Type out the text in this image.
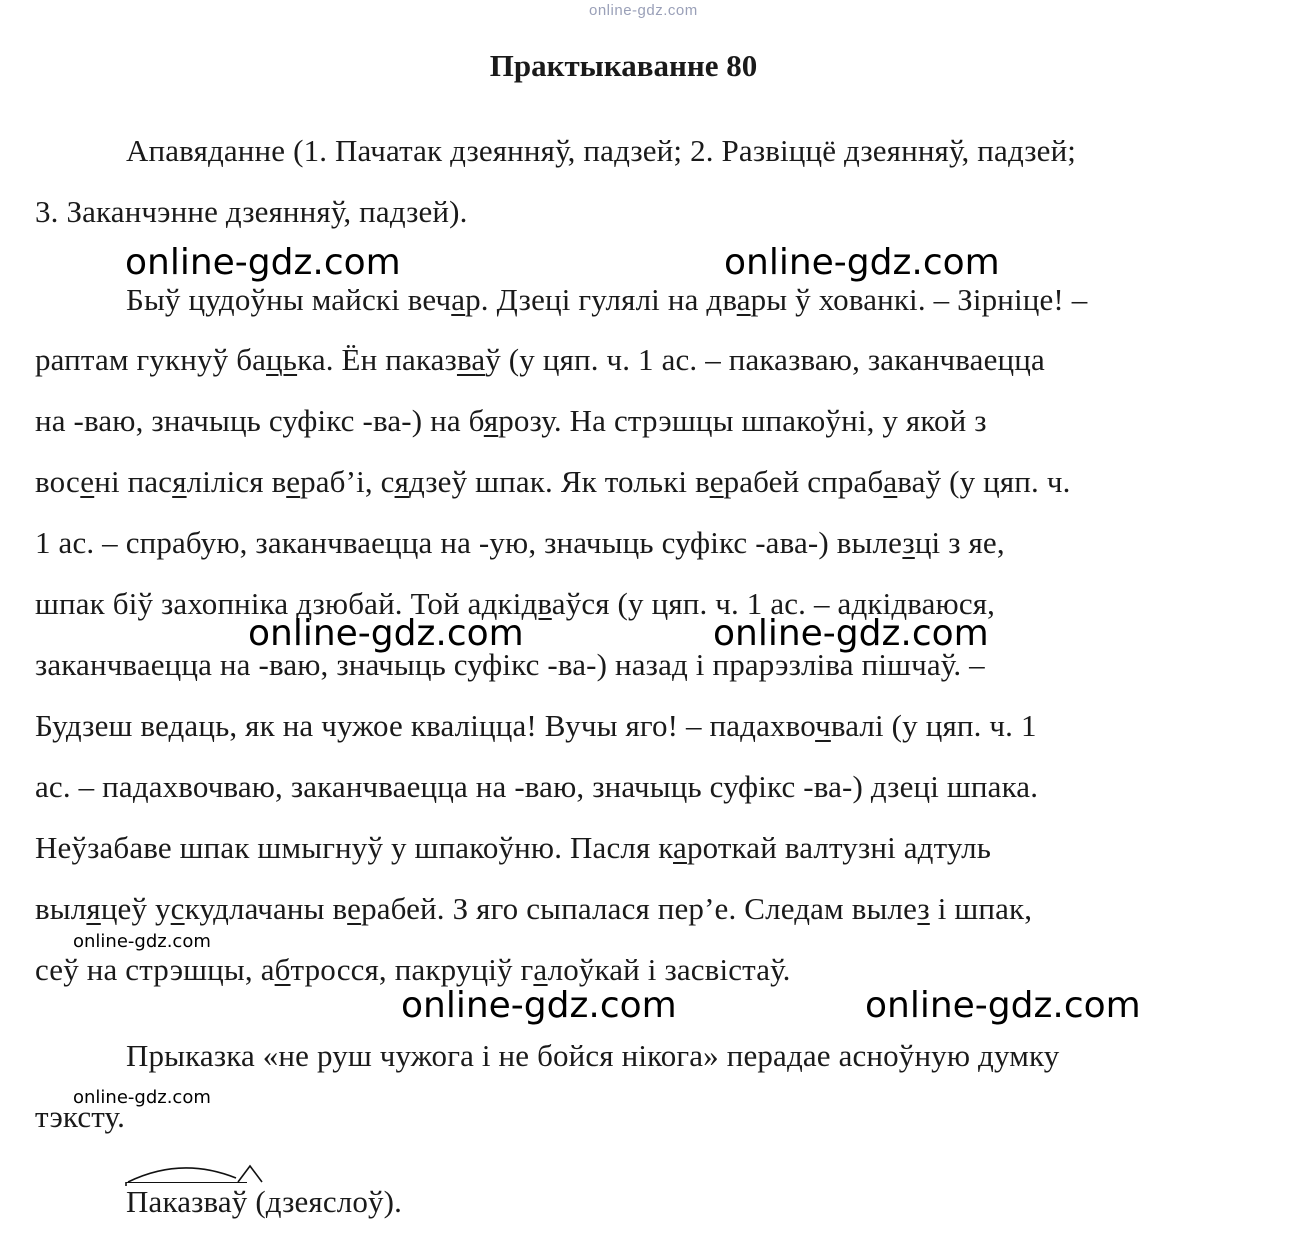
online-gdz.com
Практыкаванне 80
Апавяданне (1. Пачатак дзеянняў, падзей; 2. Развіццё дзеянняў, падзей;
3. Заканчэнне дзеянняў, падзей).
Быў цудоўны майскі вечар. Дзеці гулялі на двары ў хованкі. – Зірніце! –
раптам гукнуў бацька. Ён паказваў (у цяп. ч. 1 ас. – паказваю, заканчваецца
на -ваю, значыць суфікс -ва-) на бярозу. На стрэшцы шпакоўні, у якой з
восені пасяліліся вераб’і, сядзеў шпак. Як толькі верабей спрабаваў (у цяп. ч.
1 ас. – спрабую, заканчваецца на -ую, значыць суфікс -ава-) вылезці з яе,
шпак біў захопніка дзюбай. Той адкідваўся (у цяп. ч. 1 ас. – адкідваюся,
заканчваецца на -ваю, значыць суфікс -ва-) назад і прарэзліва пішчаў. –
Будзеш ведаць, як на чужое кваліцца! Вучы яго! – падахвочвалі (у цяп. ч. 1
ас. – падахвочваю, заканчваецца на -ваю, значыць суфікс -ва-) дзеці шпака.
Неўзабаве шпак шмыгнуў у шпакоўню. Пасля кароткай валтузні адтуль
выляцеў ускудлачаны верабей. З яго сыпалася пер’е. Следам вылез і шпак,
сеў на стрэшцы, абтросся, пакруціў галоўкай і засвістаў.
Прыказка «не руш чужога і не бойся нікога» перадае асноўную думку
тэксту.
Паказваў (дзеяслоў).
online-gdz.com	online-gdz.com
online-gdz.com	online-gdz.com
online-gdz.com	online-gdz.com
online-gdz.com
online-gdz.com
